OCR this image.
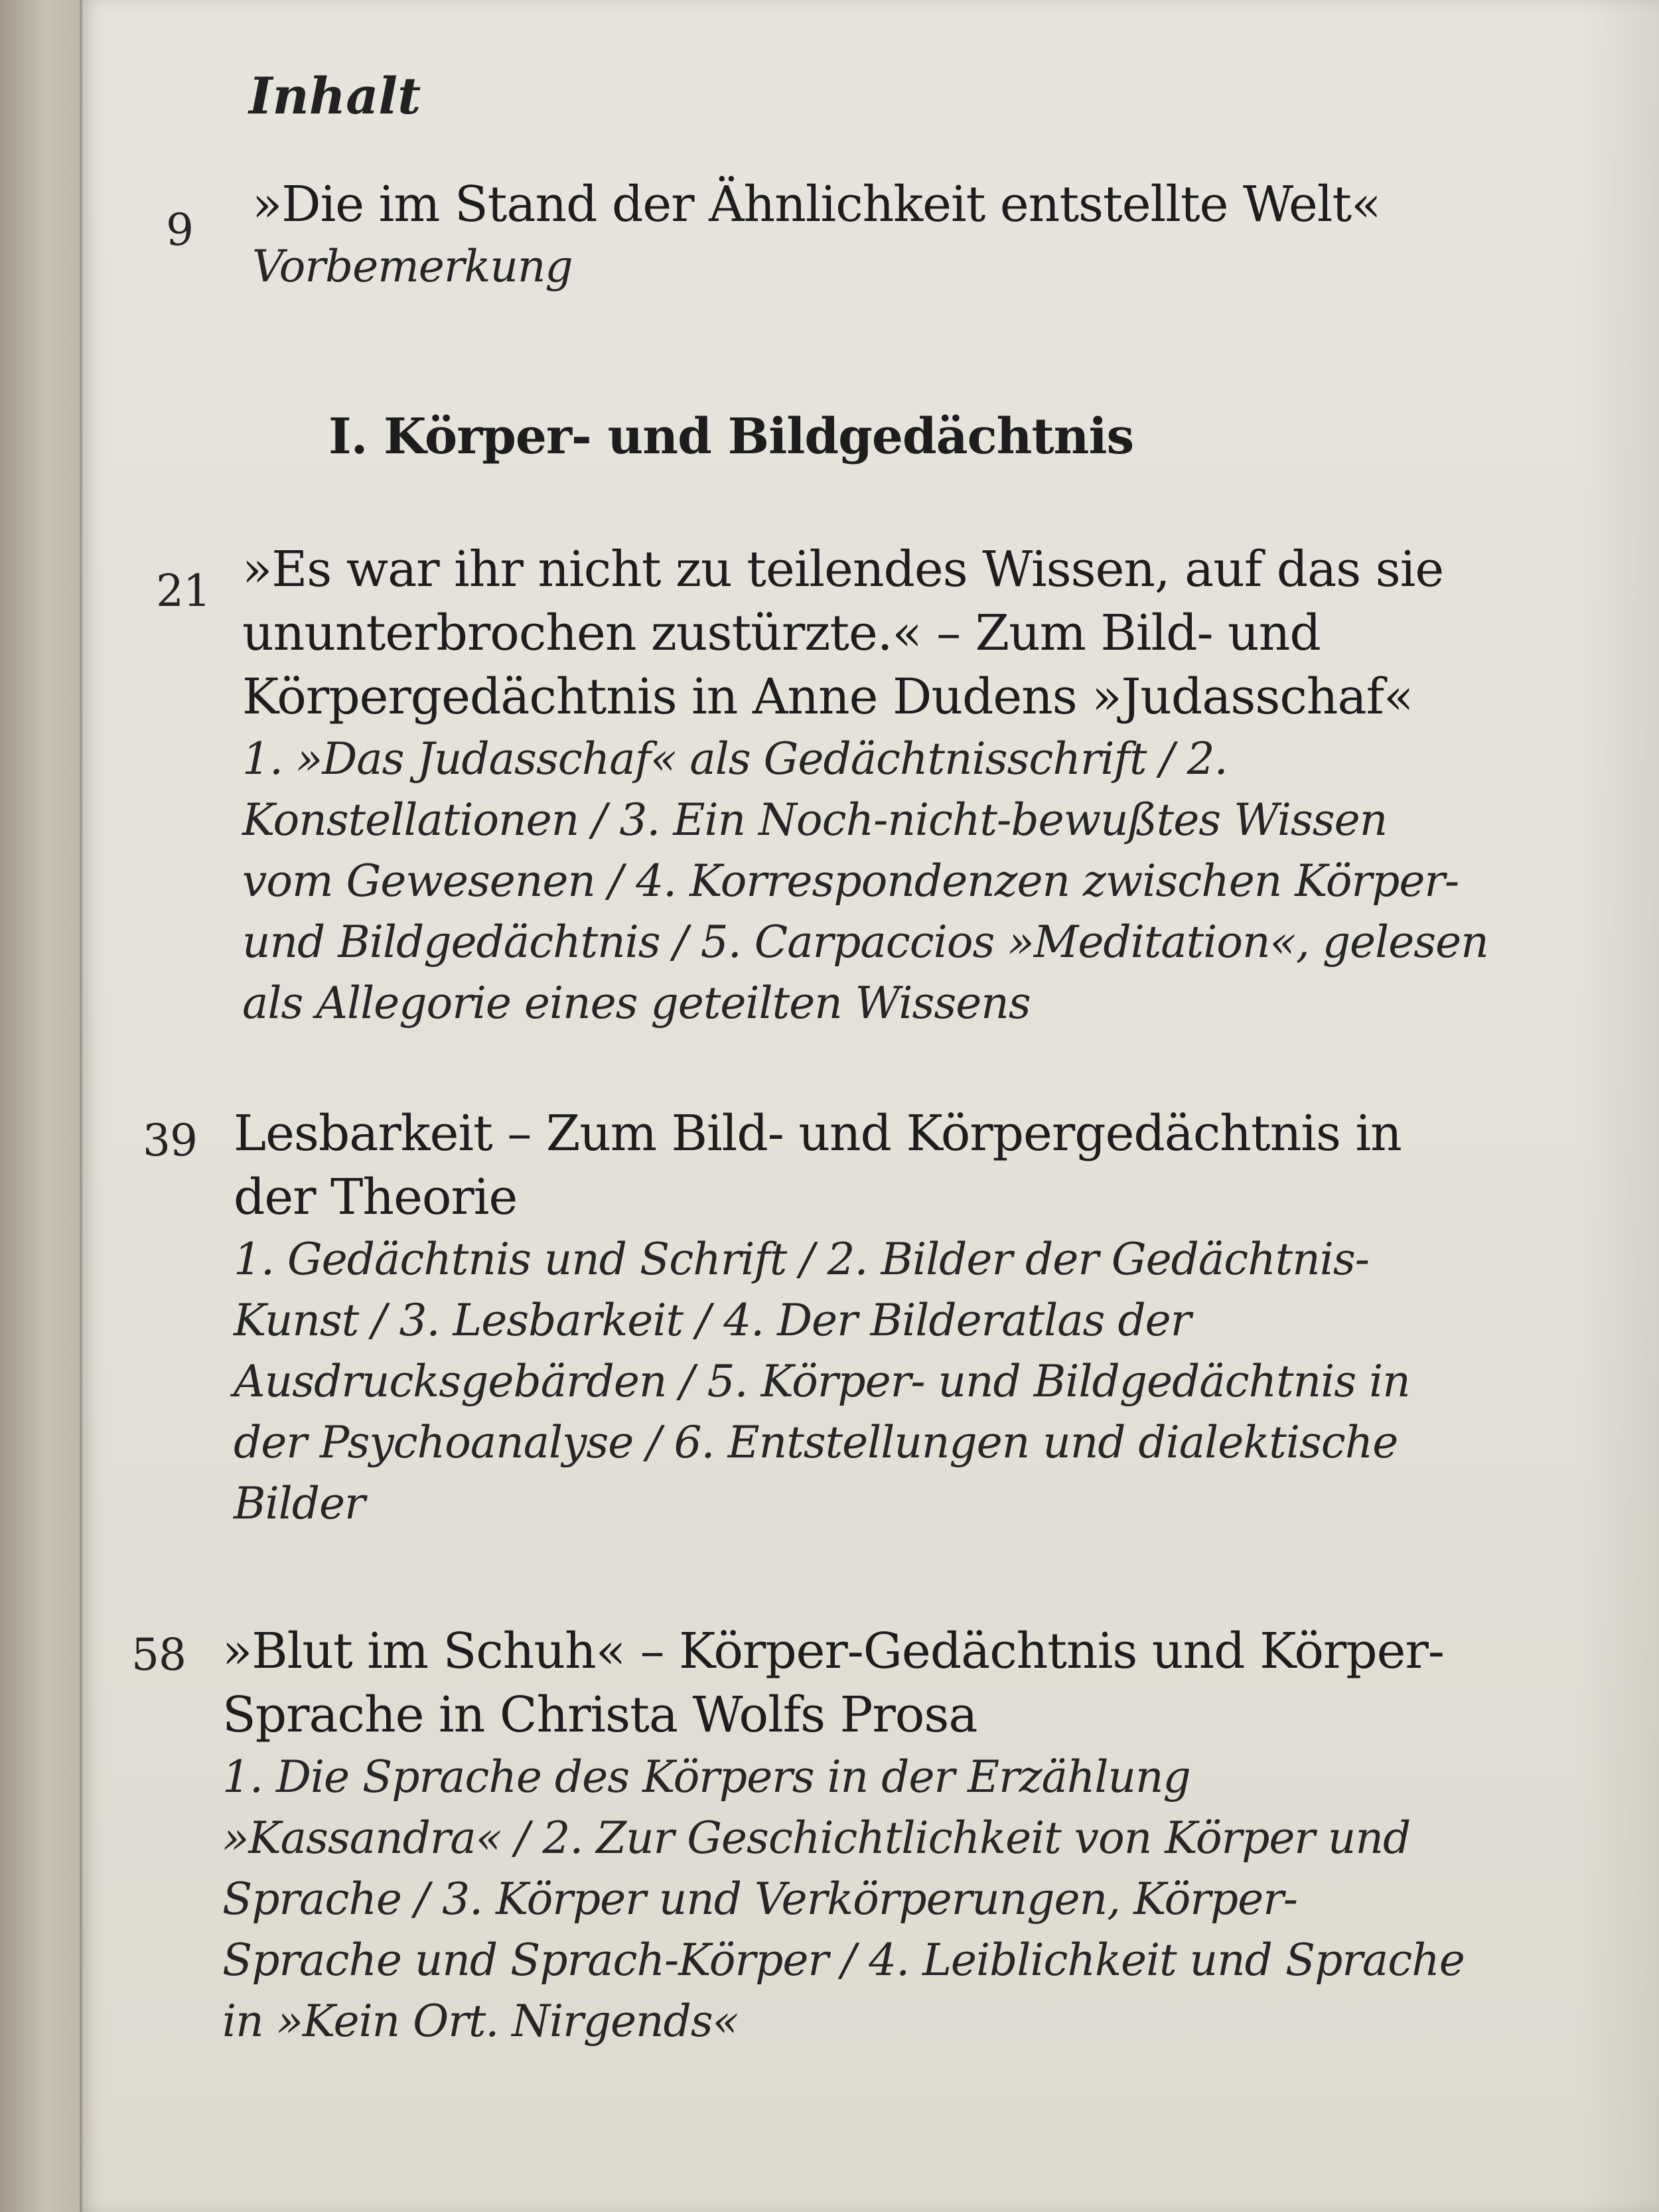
Inhalt
9 »Die im Stand der Ähnlichkeit entstellte Welt«

Vorbemerkung

I. Körper- und Bildgedächtnis
21 »Es war ihr nicht zu teilendes Wissen, auf das sie ununterbrochen zustürzte.« – Zum Bild- und Körpergedächtnis in Anne Dudens »Judasschaf«

1. »Das Judasschaf« als Gedächtnisschrift / 2. Konstellationen / 3. Ein Noch-nicht-bewußtes Wissen vom Gewesenen / 4. Korrespondenzen zwischen Körper- und Bildgedächtnis / 5. Carpaccios »Meditation«, gelesen als Allegorie eines geteilten Wissens

39 Lesbarkeit – Zum Bild- und Körpergedächtnis in der Theorie

1. Gedächtnis und Schrift / 2. Bilder der Gedächtnis-Kunst / 3. Lesbarkeit / 4. Der Bilderatlas der Ausdrucksgebärden / 5. Körper- und Bildgedächtnis in der Psychoanalyse / 6. Entstellungen und dialektische Bilder

58 »Blut im Schuh« – Körper-Gedächtnis und Körper-Sprache in Christa Wolfs Prosa

1. Die Sprache des Körpers in der Erzählung »Kassandra« / 2. Zur Geschichtlichkeit von Körper und Sprache / 3. Körper und Verkörperungen, Körper-Sprache und Sprach-Körper / 4. Leiblichkeit und Sprache in »Kein Ort. Nirgends«
